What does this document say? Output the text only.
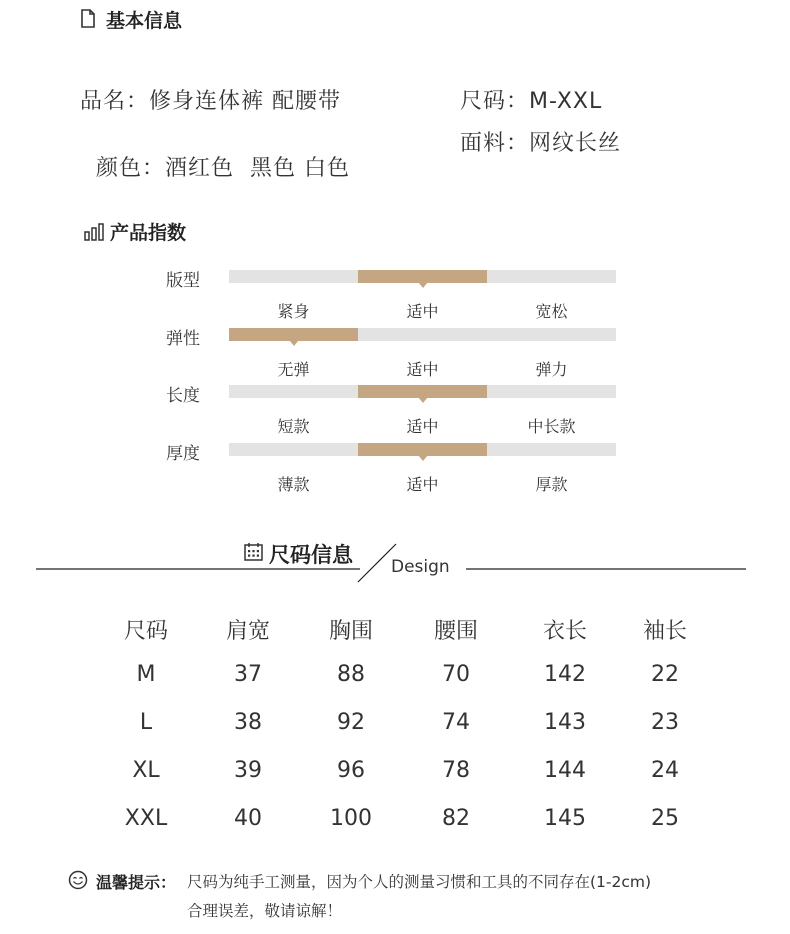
基本信息
品名：修身连体裤 配腰带	尺码：M-XXL

颜色：酒红色  黑色 白色

面料：网纹长丝
产品指数
版型
紧身	适中	宽松
弹性
无弹	适中	弹力
长度
短款	适中	中长款
厚度
薄款	适中	厚款
尺码信息 Design
尺码	肩宽	胸围	腰围	衣长	袖长
M	37	88	70	142	22
L	38	92	74	143	23
XL	39	96	78	144	24
XXL	40	100	82	145	25
温馨提示： 尺码为纯手工测量，因为个人的测量习惯和工具的不同存在(1-2cm)
合理误差，敬请谅解！
